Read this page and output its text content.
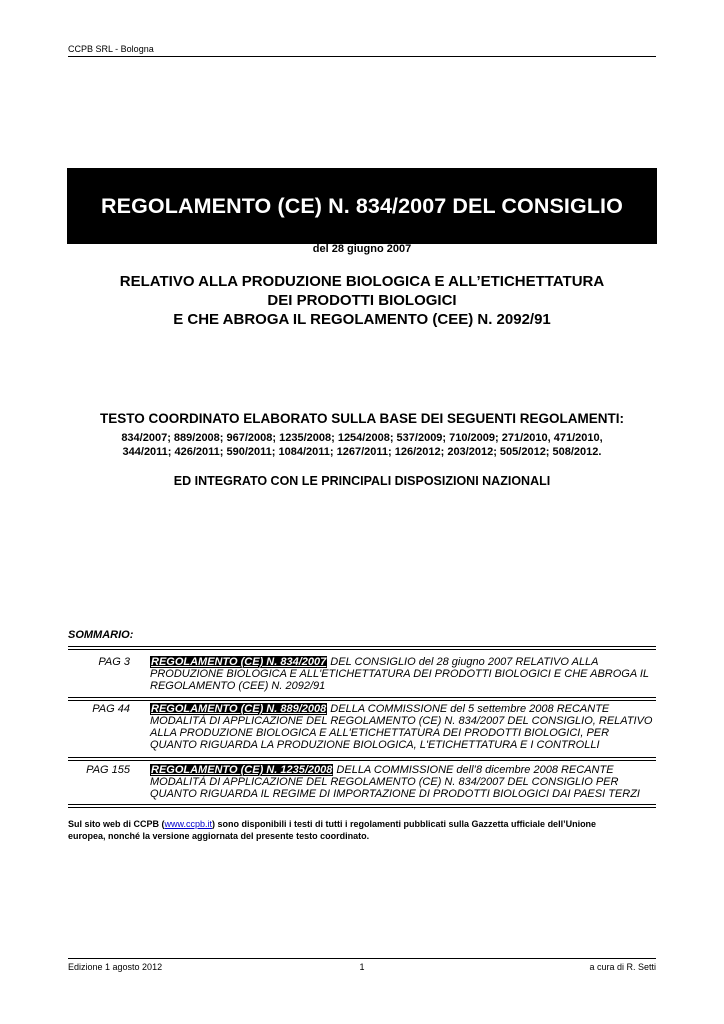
CCPB SRL - Bologna
REGOLAMENTO (CE) N. 834/2007 DEL CONSIGLIO
del 28 giugno 2007
RELATIVO ALLA PRODUZIONE BIOLOGICA E ALL’ETICHETTATURA
DEI PRODOTTI BIOLOGICI
E CHE ABROGA IL REGOLAMENTO (CEE) N. 2092/91
TESTO COORDINATO ELABORATO SULLA BASE DEI SEGUENTI REGOLAMENTI:
834/2007; 889/2008; 967/2008; 1235/2008; 1254/2008; 537/2009; 710/2009; 271/2010, 471/2010,
344/2011; 426/2011; 590/2011; 1084/2011; 1267/2011; 126/2012; 203/2012; 505/2012; 508/2012.
ED INTEGRATO CON LE PRINCIPALI DISPOSIZIONI NAZIONALI
SOMMARIO:
PAG 3 REGOLAMENTO (CE) N. 834/2007 DEL CONSIGLIO del 28 giugno 2007 RELATIVO ALLA
PRODUZIONE BIOLOGICA E ALL'ETICHETTATURA DEI PRODOTTI BIOLOGICI E CHE ABROGA IL
REGOLAMENTO (CEE) N. 2092/91
PAG 44 REGOLAMENTO (CE) N. 889/2008 DELLA COMMISSIONE del 5 settembre 2008 RECANTE
MODALITÀ DI APPLICAZIONE DEL REGOLAMENTO (CE) N. 834/2007 DEL CONSIGLIO, RELATIVO
ALLA PRODUZIONE BIOLOGICA E ALL'ETICHETTATURA DEI PRODOTTI BIOLOGICI, PER
QUANTO RIGUARDA LA PRODUZIONE BIOLOGICA, L'ETICHETTATURA E I CONTROLLI
PAG 155 REGOLAMENTO (CE) N. 1235/2008 DELLA COMMISSIONE dell’8 dicembre 2008 RECANTE
MODALITÀ DI APPLICAZIONE DEL REGOLAMENTO (CE) N. 834/2007 DEL CONSIGLIO PER
QUANTO RIGUARDA IL REGIME DI IMPORTAZIONE DI PRODOTTI BIOLOGICI DAI PAESI TERZI
Sul sito web di CCPB (www.ccpb.it) sono disponibili i testi di tutti i regolamenti pubblicati sulla Gazzetta ufficiale dell’Unione
europea, nonché la versione aggiornata del presente testo coordinato.
Edizione 1 agosto 2012	1	a cura di R. Setti
